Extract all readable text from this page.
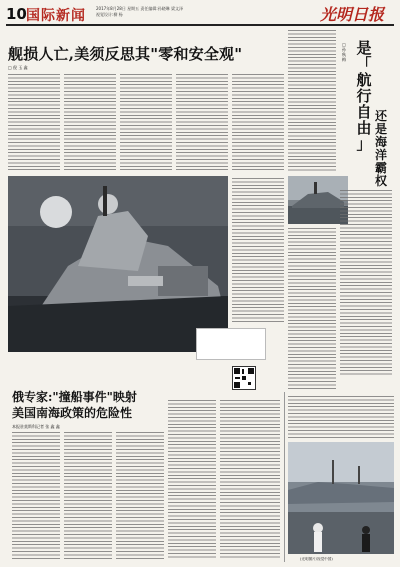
10 国际新闻	2017年8月28日 星期五 责任编辑:孙晓琳 梁文泽
视觉设计:柳 杨	光明日报
舰损人亡,美须反思其"零和安全观"
□ 倪 玉 鑫
俄专家:"撞船事件"映射
美国南海政策的危险性
本报驻莫斯科记者 张 鑫 鑫
□
孙
秋
梅
是
「
航
行
自
由
」
还
是
海
洋
霸
权
(光明图片/视觉中国)
